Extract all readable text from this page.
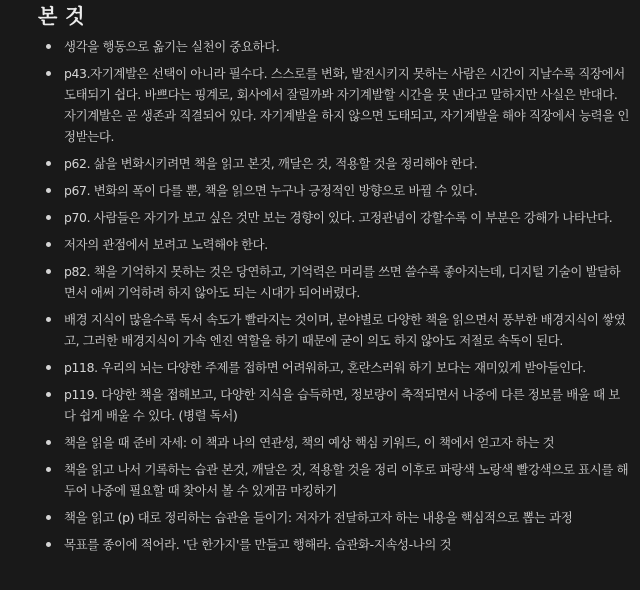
본 것
생각을 행동으로 옮기는 실천이 중요하다.
p43.자기계발은 선택이 아니라 필수다. 스스로를 변화, 발전시키지 못하는 사람은 시간이 지날수록 직장에서 도태되기 쉽다. 바쁘다는 핑계로, 회사에서 잘릴까봐 자기계발할 시간을 못 낸다고 말하지만 사실은 반대다. 자기계발은 곧 생존과 직결되어 있다. 자기계발을 하지 않으면 도태되고, 자기계발을 해야 직장에서 능력을 인정받는다.
p62. 삶을 변화시키려면 책을 읽고 본것, 깨달은 것, 적용할 것을 정리해야 한다.
p67. 변화의 폭이 다를 뿐, 책을 읽으면 누구나 긍정적인 방향으로 바뀔 수 있다.
p70. 사람들은 자기가 보고 싶은 것만 보는 경향이 있다. 고정관념이 강할수록 이 부분은 강해가 나타난다.
저자의 관점에서 보려고 노력해야 한다.
p82. 책을 기억하지 못하는 것은 당연하고, 기억력은 머리를 쓰면 쓸수록 좋아지는데, 디지털 기술이 발달하면서 애써 기억하려 하지 않아도 되는 시대가 되어버렸다.
배경 지식이 많을수록 독서 속도가 빨라지는 것이며, 분야별로 다양한 책을 읽으면서 풍부한 배경지식이 쌓였고, 그러한 배경지식이 가속 엔진 역할을 하기 때문에 굳이 의도 하지 않아도 저절로 속독이 된다.
p118. 우리의 뇌는 다양한 주제를 접하면 어려워하고, 혼란스러워 하기 보다는 재미있게 받아들인다.
p119. 다양한 책을 접해보고, 다양한 지식을 습득하면, 정보량이 축적되면서 나중에 다른 정보를 배울 때 보다 쉽게 배울 수 있다. (병렬 독서)
책을 읽을 때 준비 자세: 이 책과 나의 연관성, 책의 예상 핵심 키워드, 이 책에서 얻고자 하는 것
책을 읽고 나서 기록하는 습관 본것, 깨달은 것, 적용할 것을 정리 이후로 파랑색 노랑색 빨강색으로 표시를 해두어 나중에 필요할 때 찾아서 볼 수 있게끔 마킹하기
책을 읽고 (p) 대로 정리하는 습관을 들이기: 저자가 전달하고자 하는 내용을 핵심적으로 뽑는 과정
목표를 종이에 적어라. '단 한가지'를 만들고 행해라. 습관화-지속성-나의 것
